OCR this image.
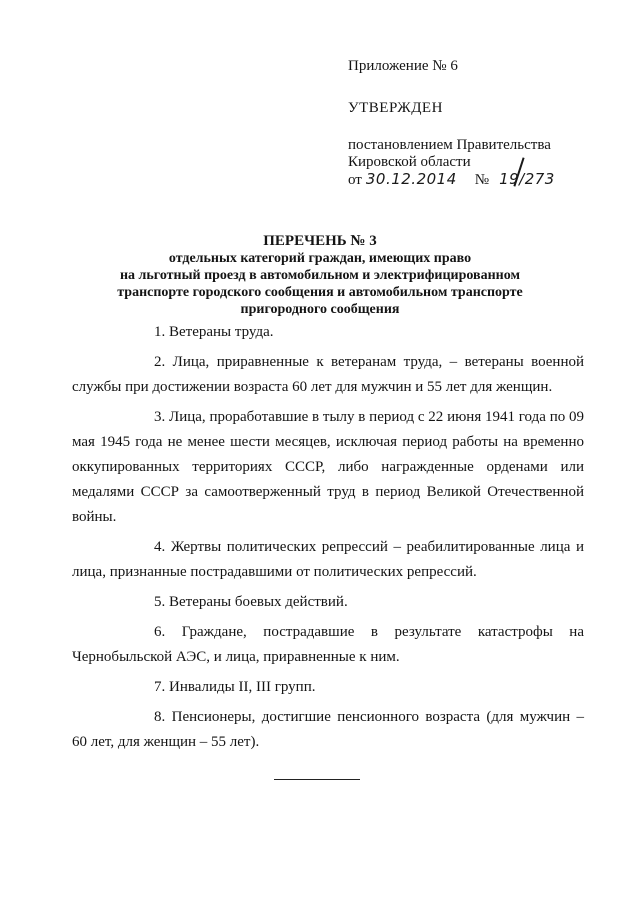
Приложение № 6

УТВЕРЖДЕН

постановлением Правительства
Кировской области
от 30.12.2014 № 19/273

ПЕРЕЧЕНЬ № 3

отдельных категорий граждан, имеющих право

на льготный проезд в автомобильном и электрифицированном

транспорте городского сообщения и автомобильном транспорте

пригородного сообщения

1. Ветераны труда.

2. Лица, приравненные к ветеранам труда, – ветераны военной службы при достижении возраста 60 лет для мужчин и 55 лет для женщин.

3. Лица, проработавшие в тылу в период с 22 июня 1941 года по 09 мая 1945 года не менее шести месяцев, исключая период работы на временно оккупированных территориях СССР, либо награжденные орденами или медалями СССР за самоотверженный труд в период Великой Отечественной войны.

4. Жертвы политических репрессий – реабилитированные лица и лица, признанные пострадавшими от политических репрессий.

5. Ветераны боевых действий.

6. Граждане, пострадавшие в результате катастрофы на Чернобыльской АЭС, и лица, приравненные к ним.

7. Инвалиды II, III групп.

8. Пенсионеры, достигшие пенсионного возраста (для мужчин – 60 лет, для женщин – 55 лет).
